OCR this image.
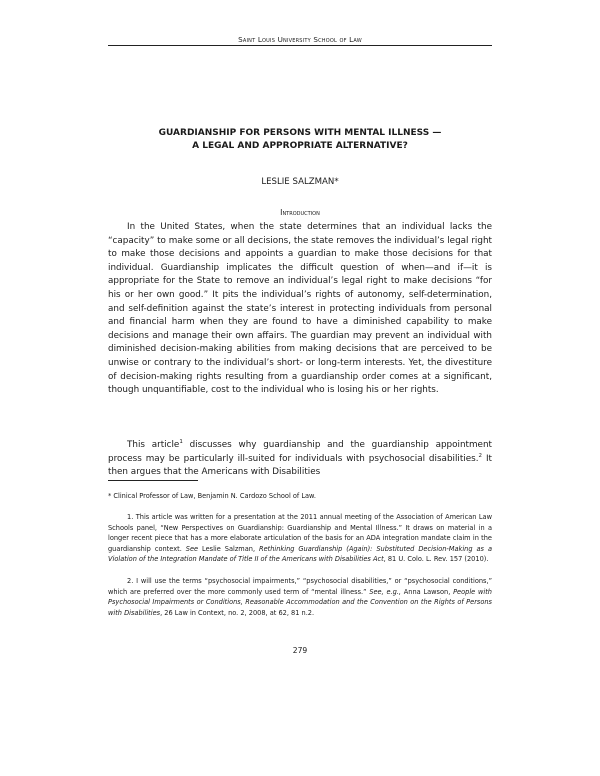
Saint Louis University School of Law
GUARDIANSHIP FOR PERSONS WITH MENTAL ILLNESS —
A LEGAL AND APPROPRIATE ALTERNATIVE?
LESLIE SALZMAN*
Introduction
In the United States, when the state determines that an individual lacks the “capacity” to make some or all decisions, the state removes the individual’s legal right to make those decisions and appoints a guardian to make those decisions for that individual. Guardianship implicates the difficult question of when—and if—it is appropriate for the State to remove an individual’s legal right to make decisions “for his or her own good.” It pits the individual’s rights of autonomy, self-determination, and self-definition against the state’s interest in protecting individuals from personal and financial harm when they are found to have a diminished capability to make decisions and manage their own affairs. The guardian may prevent an individual with diminished decision-making abilities from making decisions that are perceived to be unwise or contrary to the individual’s short- or long-term interests. Yet, the divestiture of decision-making rights resulting from a guardianship order comes at a significant, though unquantifiable, cost to the individual who is losing his or her rights.
This article$^1$ discusses why guardianship and the guardianship appointment process may be particularly ill-suited for individuals with psychosocial disabilities.$^2$ It then argues that the Americans with Disabilities
* Clinical Professor of Law, Benjamin N. Cardozo School of Law.
1. This article was written for a presentation at the 2011 annual meeting of the Association of American Law Schools panel, “New Perspectives on Guardianship: Guardianship and Mental Illness.” It draws on material in a longer recent piece that has a more elaborate articulation of the basis for an ADA integration mandate claim in the guardianship context. See Leslie Salzman, Rethinking Guardianship (Again): Substituted Decision-Making as a Violation of the Integration Mandate of Title II of the Americans with Disabilities Act, 81 U. Colo. L. Rev. 157 (2010).
2. I will use the terms “psychosocial impairments,” “psychosocial disabilities,” or “psychosocial conditions,” which are preferred over the more commonly used term of “mental illness.” See, e.g., Anna Lawson, People with Psychosocial Impairments or Conditions, Reasonable Accommodation and the Convention on the Rights of Persons with Disabilities, 26 Law in Context, no. 2, 2008, at 62, 81 n.2.
279
